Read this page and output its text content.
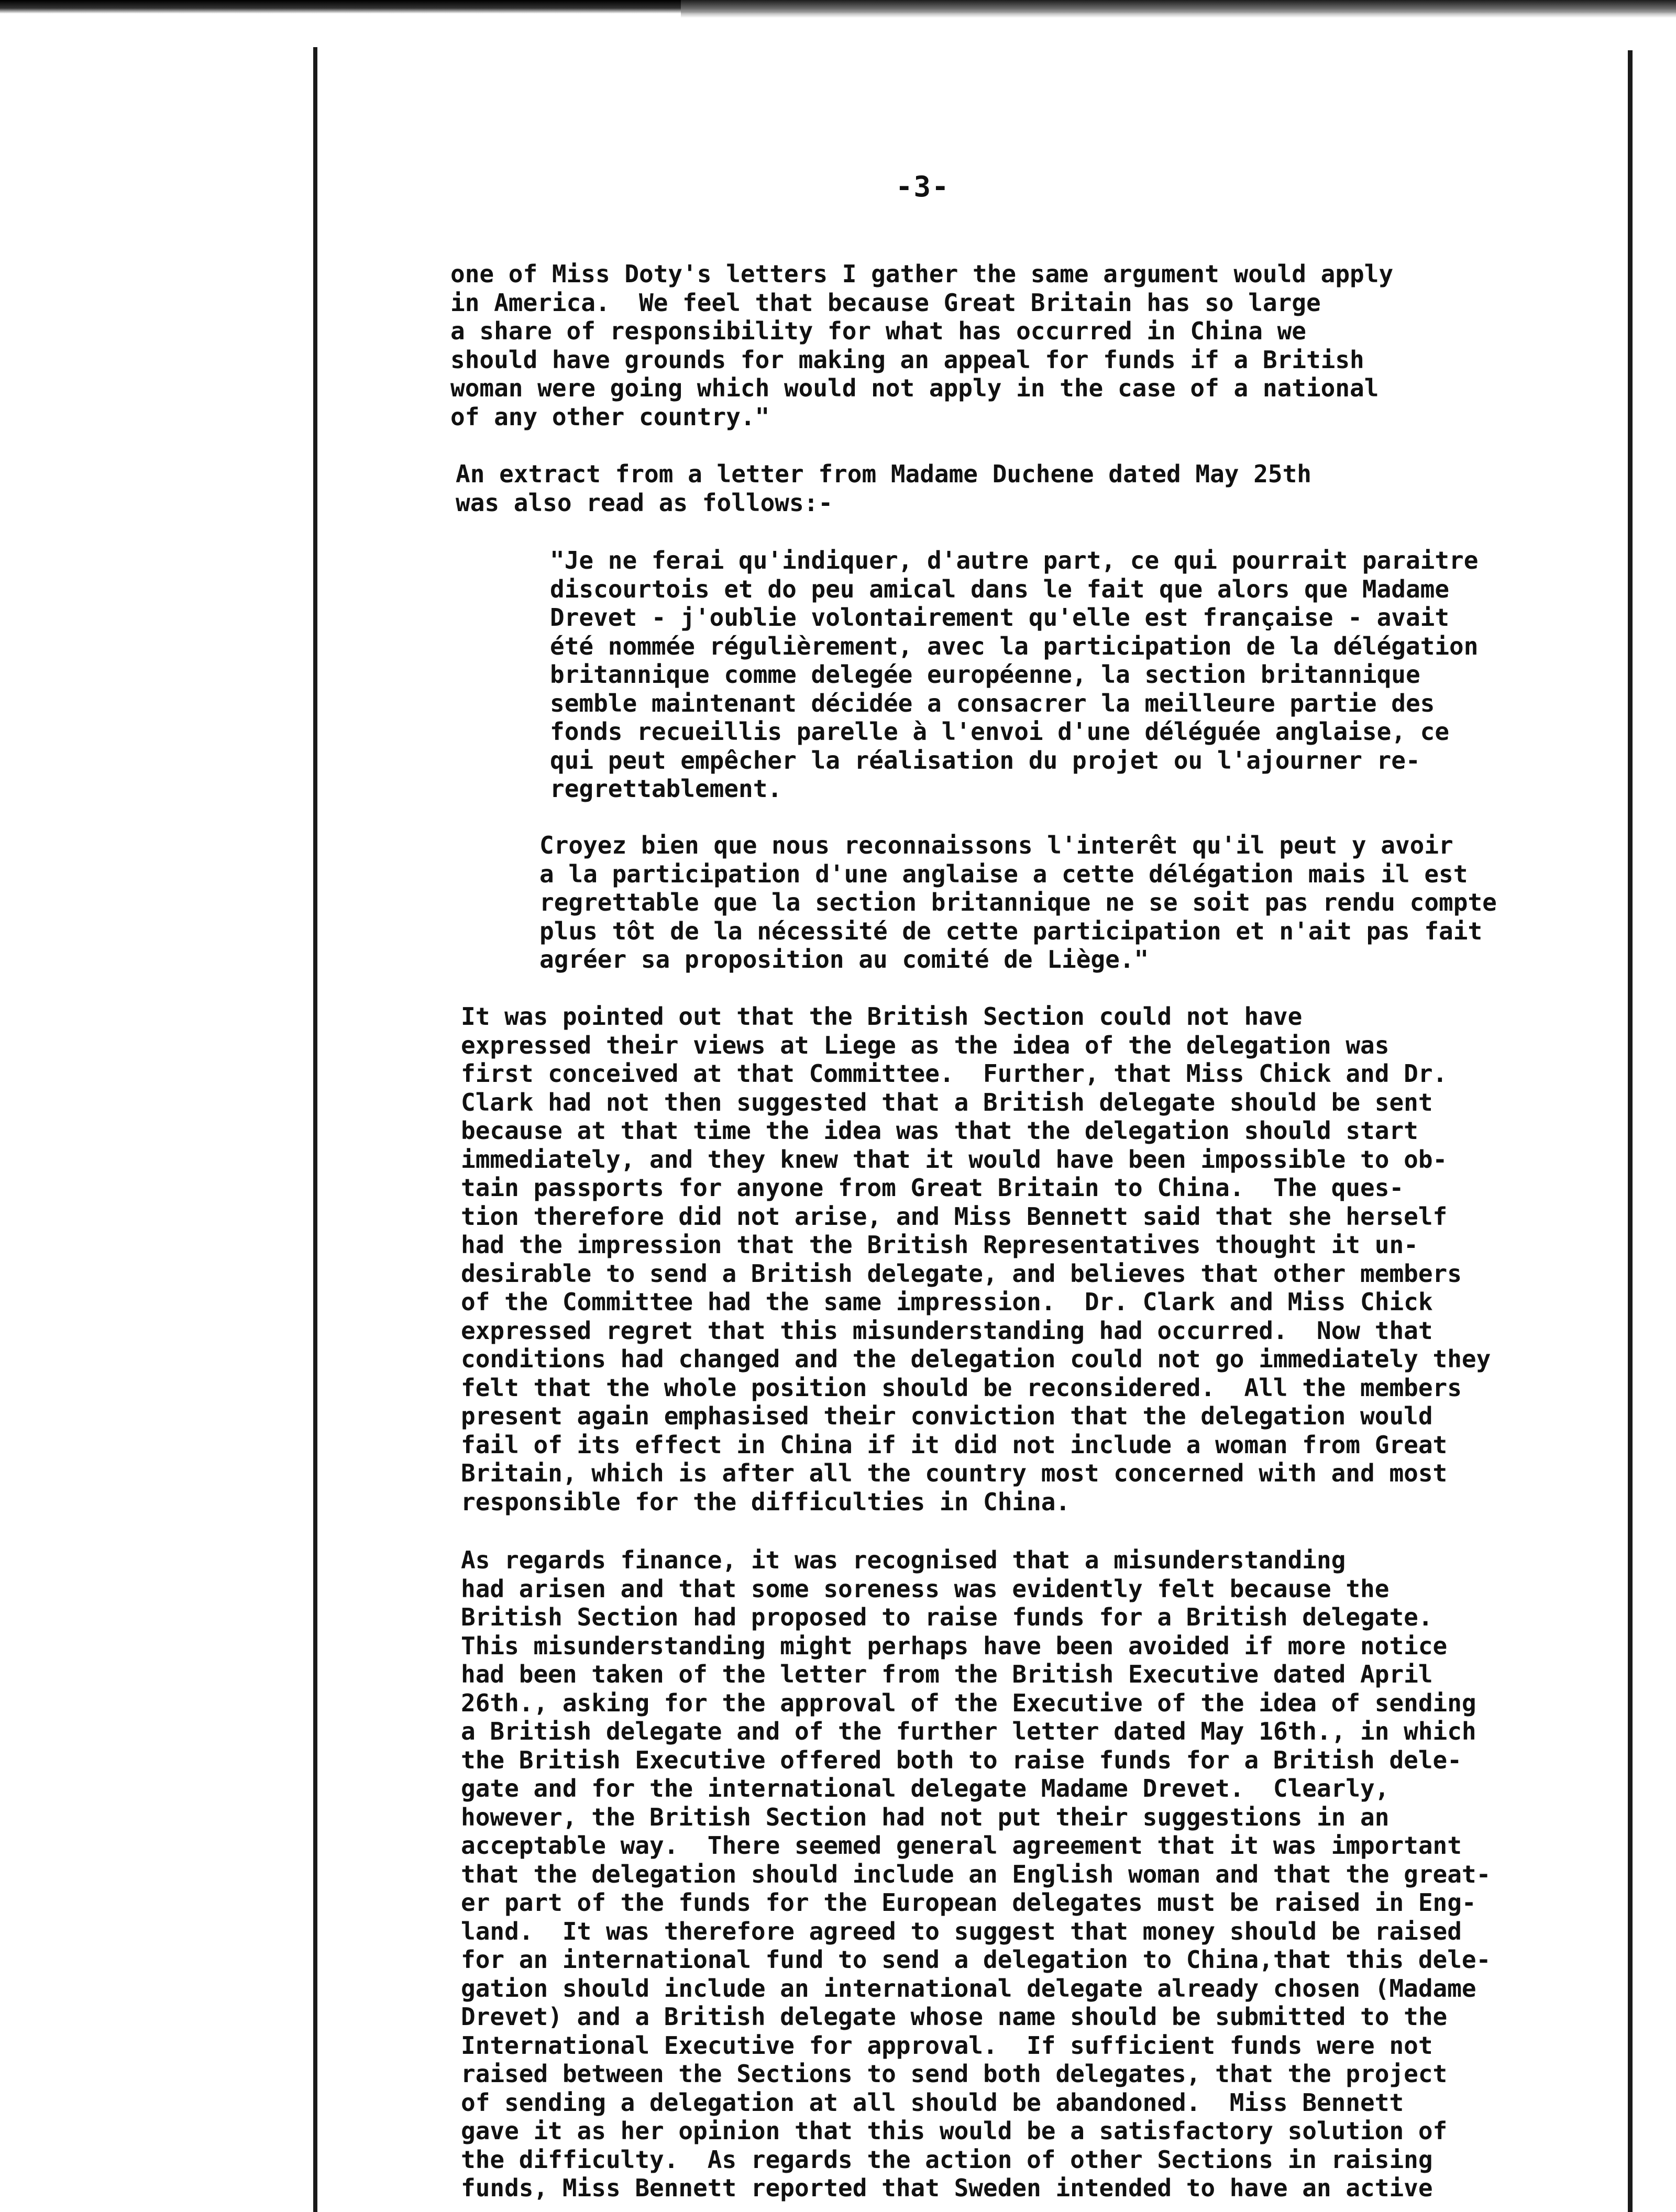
-3-
one of Miss Doty's letters I gather the same argument would apply
in America.  We feel that because Great Britain has so large
a share of responsibility for what has occurred in China we
should have grounds for making an appeal for funds if a British
woman were going which would not apply in the case of a national
of any other country."
An extract from a letter from Madame Duchene dated May 25th
was also read as follows:-
"Je ne ferai qu'indiquer, d'autre part, ce qui pourrait paraitre
discourtois et do peu amical dans le fait que alors que Madame
Drevet - j'oublie volontairement qu'elle est française - avait
été nommée régulièrement, avec la participation de la délégation
britannique comme delegée européenne, la section britannique
semble maintenant décidée a consacrer la meilleure partie des
fonds recueillis parelle à l'envoi d'une déléguée anglaise, ce
qui peut empêcher la réalisation du projet ou l'ajourner re-
regrettablement.
Croyez bien que nous reconnaissons l'interêt qu'il peut y avoir
a la participation d'une anglaise a cette délégation mais il est
regrettable que la section britannique ne se soit pas rendu compte
plus tôt de la nécessité de cette participation et n'ait pas fait
agréer sa proposition au comité de Liège."
It was pointed out that the British Section could not have
expressed their views at Liege as the idea of the delegation was
first conceived at that Committee.  Further, that Miss Chick and Dr.
Clark had not then suggested that a British delegate should be sent
because at that time the idea was that the delegation should start
immediately, and they knew that it would have been impossible to ob-
tain passports for anyone from Great Britain to China.  The ques-
tion therefore did not arise, and Miss Bennett said that she herself
had the impression that the British Representatives thought it un-
desirable to send a British delegate, and believes that other members
of the Committee had the same impression.  Dr. Clark and Miss Chick
expressed regret that this misunderstanding had occurred.  Now that
conditions had changed and the delegation could not go immediately they
felt that the whole position should be reconsidered.  All the members
present again emphasised their conviction that the delegation would
fail of its effect in China if it did not include a woman from Great
Britain, which is after all the country most concerned with and most
responsible for the difficulties in China.
As regards finance, it was recognised that a misunderstanding
had arisen and that some soreness was evidently felt because the
British Section had proposed to raise funds for a British delegate.
This misunderstanding might perhaps have been avoided if more notice
had been taken of the letter from the British Executive dated April
26th., asking for the approval of the Executive of the idea of sending
a British delegate and of the further letter dated May 16th., in which
the British Executive offered both to raise funds for a British dele-
gate and for the international delegate Madame Drevet.  Clearly,
however, the British Section had not put their suggestions in an
acceptable way.  There seemed general agreement that it was important
that the delegation should include an English woman and that the great-
er part of the funds for the European delegates must be raised in Eng-
land.  It was therefore agreed to suggest that money should be raised
for an international fund to send a delegation to China,that this dele-
gation should include an international delegate already chosen (Madame
Drevet) and a British delegate whose name should be submitted to the
International Executive for approval.  If sufficient funds were not
raised between the Sections to send both delegates, that the project
of sending a delegation at all should be abandoned.  Miss Bennett
gave it as her opinion that this would be a satisfactory solution of
the difficulty.  As regards the action of other Sections in raising
funds, Miss Bennett reported that Sweden intended to have an active
